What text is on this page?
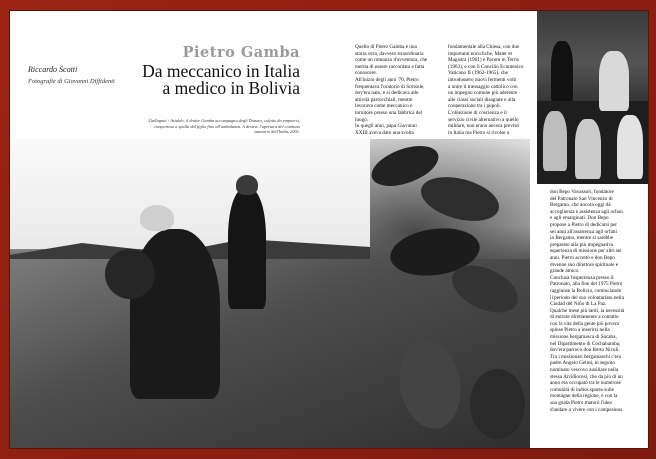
Riccardo Scotti

Fotografie di Giovanni Diffidenti

Pietro Gamba
Da meccanico in Italia
a medico in Bolivia
Llallagaui - Asiuldo, il dottor Gamba accompagna degli Donato, colpito da empuersi, trasportato a spalla dal figlio fino all'ambulanza. A destra: l'apertura del comitato sanitario dell'India, 2001.
Quello di Pietro Gamba è una
storia vera, davvero straordinaria
come un romanzo d'avventura, che
merita di essere raccontata e fatta
conoscere.
All'inizio degli anni '70, Pietro
frequentava l'oratorio di Sorisole,
dov'era nato, e si dedicava alle
attività parrocchiali, mentre
lavorava come meccanico e
tornitore presso una fabbrica del
luogo.
In quegli anni, papa Giovanni
XXIII aveva dato una svolta
fondamentale alla Chiesa, con due
importanti encicliche, Mater et
Magistra (1961) e Pacem in Terris
(1963), e con il Concilio Ecumenico
Vaticano II (1962-1965), che
introdussero nuovi fermenti volti
a unire il messaggio cattolico con
un impegno comune più aderente
alle classi sociali disagiate e alla
cooperazione tra i popoli.
L'obiezione di coscienza e il
servizio civile alternativo a quello
militare, non erano ancora previsti
in Italia ma Pietro si rivolse a
don Bepo Vavassori, fondatore
del Patronato San Vincenzo di
Bergamo, che ancora oggi dà
accoglienza e assistenza agli orfani
e agli emarginati. Don Bepo
propose a Pietro di dedicarsi per
sei anni all'assistenza agli orfani
in Bergamo, mentre si sarebbe
preparato alla più impegnativa
esperienza di missione per altri sei
anni. Pietro accettò e don Bepo
divenne suo direttore spirituale e
grande amico.
Conclusa l'esperienza presso il
Patronato, alla fine del 1975 Pietro
raggiunse la Bolivia, cominciando
il periodo del suo volontariato nella
Ciudad del Niño di La Paz.
Qualche mese più tardi, la necessità
di entrare direttamente a contatto
con la vita della gente più povera
spinse Pietro a inserirsi nella
missione bergamasca di Sacaba,
nel Dipartimento di Cochabamba,
dov'era parroco don Berto Nicoli.
Tra i missionari bergamaschi c'era
padre Angelo Gelmi, in seguito
nominato vescovo ausiliare nella
stessa Arcidiocesi, che da più di un
anno era occupato tra le numerose
comunità di indios sparse sulle
montagne della regione, e con la
sua guida Pietro maturò l'idea
d'andare a vivere con i campesinos.
